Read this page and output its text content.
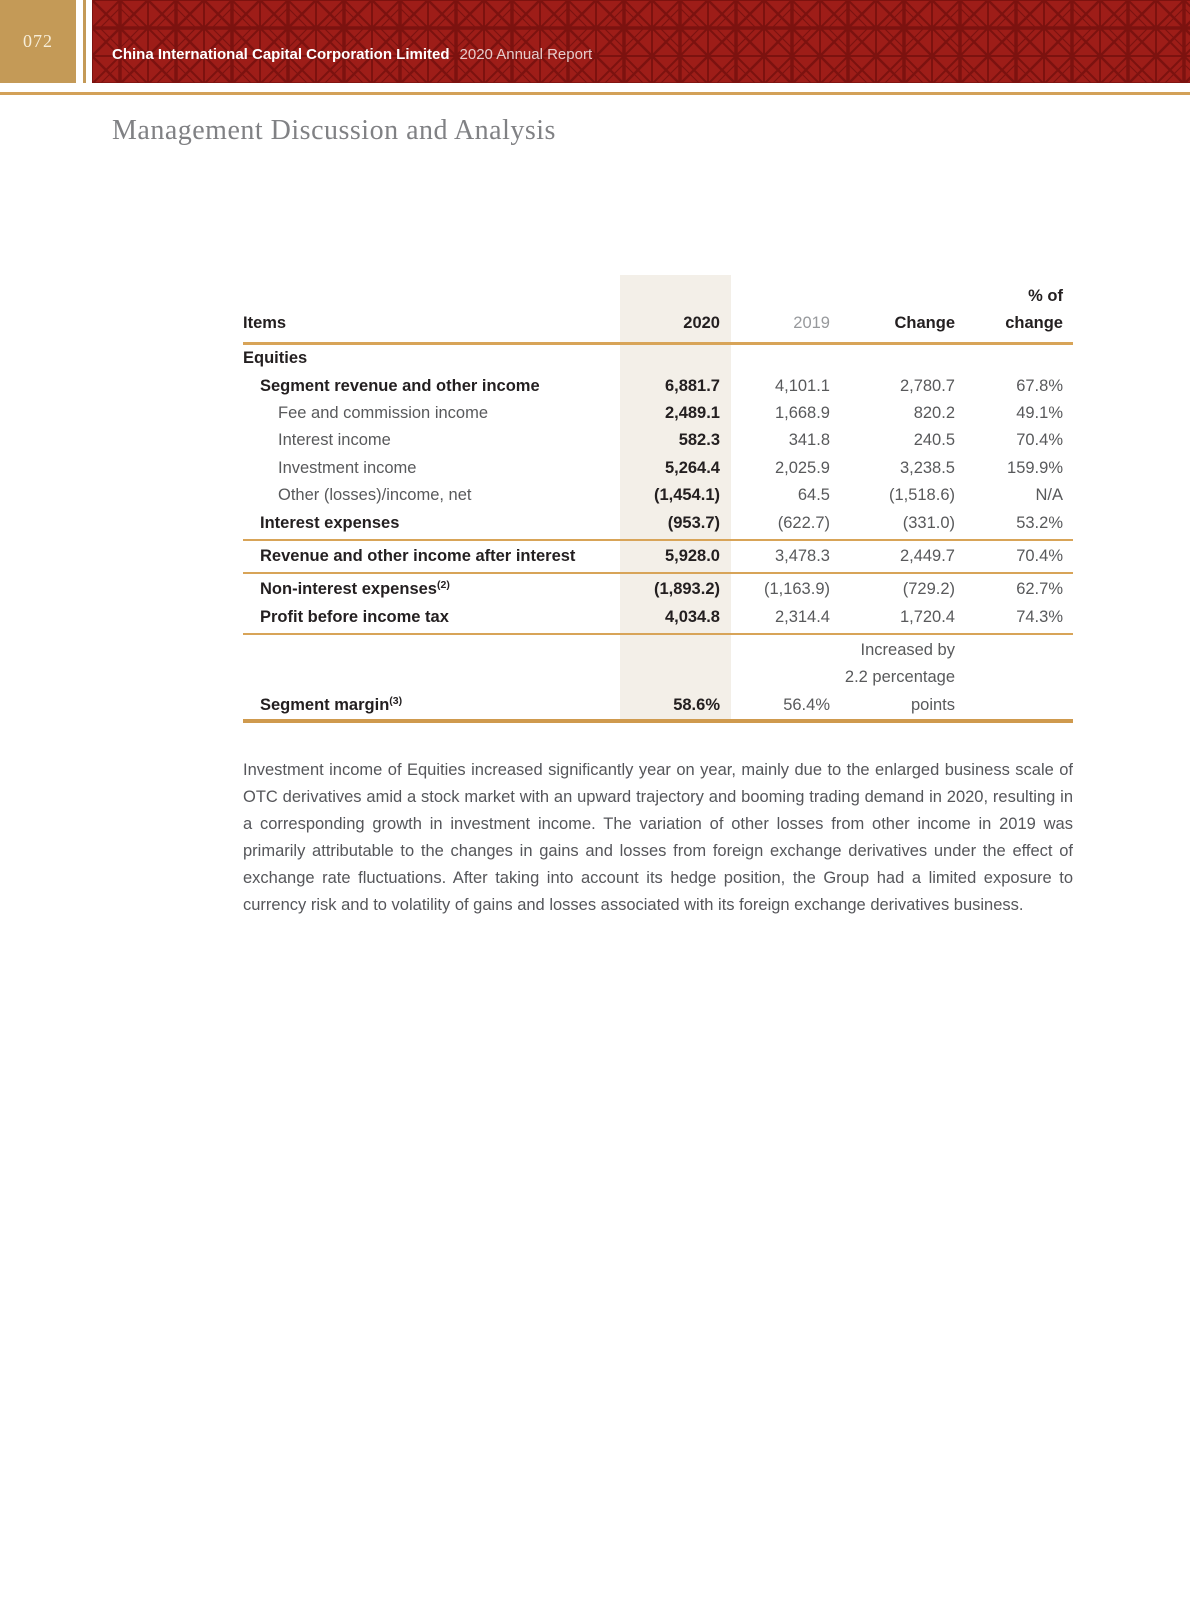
072
China International Capital Corporation Limited 2020 Annual Report
Management Discussion and Analysis
% of
Items	2020	2019	Change	change
Equities
Segment revenue and other income	6,881.7	4,101.1	2,780.7	67.8%
Fee and commission income	2,489.1	1,668.9	820.2	49.1%
Interest income	582.3	341.8	240.5	70.4%
Investment income	5,264.4	2,025.9	3,238.5	159.9%
Other (losses)/income, net	(1,454.1)	64.5	(1,518.6)	N/A
Interest expenses	(953.7)	(622.7)	(331.0)	53.2%
Revenue and other income after interest	5,928.0	3,478.3	2,449.7	70.4%
Non-interest expenses$^{(2)}$	(1,893.2)	(1,163.9)	(729.2)	62.7%
Profit before income tax	4,034.8	2,314.4	1,720.4	74.3%
Increased by
2.2 percentage
Segment margin$^{(3)}$	58.6%	56.4%	points

Investment income of Equities increased significantly year on year, mainly due to the enlarged business scale of OTC derivatives amid a stock market with an upward trajectory and booming trading demand in 2020, resulting in a corresponding growth in investment income. The variation of other losses from other income in 2019 was primarily attributable to the changes in gains and losses from foreign exchange derivatives under the effect of exchange rate fluctuations. After taking into account its hedge position, the Group had a limited exposure to currency risk and to volatility of gains and losses associated with its foreign exchange derivatives business.
